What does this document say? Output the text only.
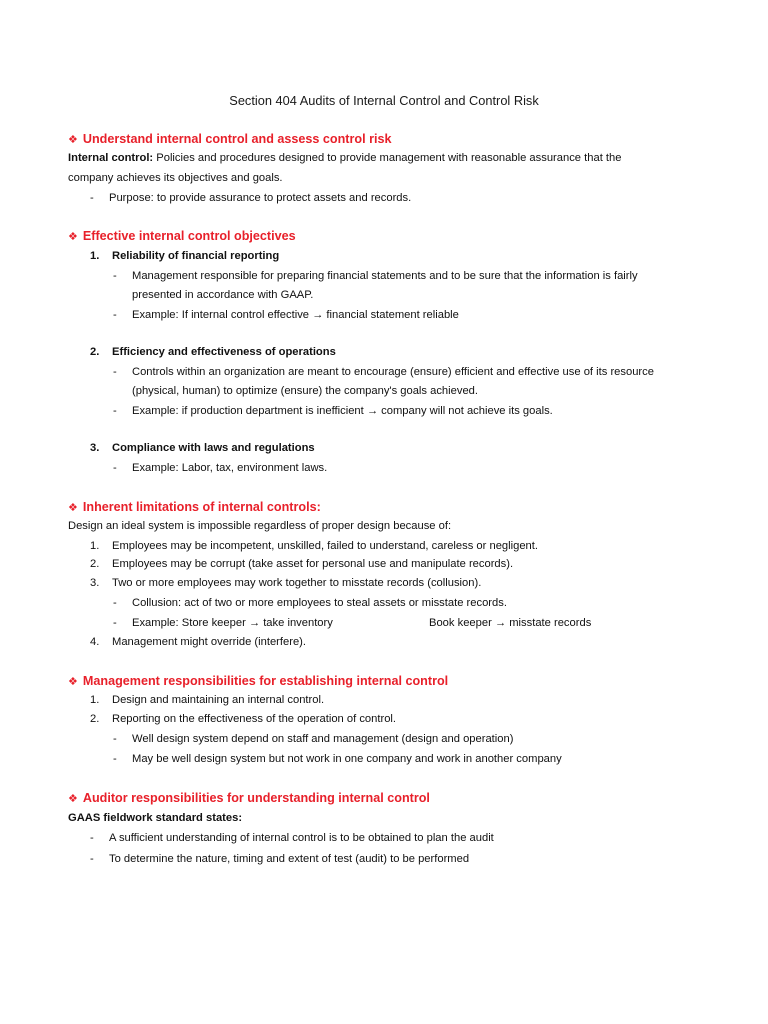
Section 404 Audits of Internal Control and Control Risk
❖ Understand internal control and assess control risk
Internal control: Policies and procedures designed to provide management with reasonable assurance that the
company achieves its objectives and goals.
- Purpose: to provide assurance to protect assets and records.
❖ Effective internal control objectives
1. Reliability of financial reporting
- Management responsible for preparing financial statements and to be sure that the information is fairly
presented in accordance with GAAP.
- Example: If internal control effective → financial statement reliable
2. Efficiency and effectiveness of operations
- Controls within an organization are meant to encourage (ensure) efficient and effective use of its resource
(physical, human) to optimize (ensure) the company's goals achieved.
- Example: if production department is inefficient → company will not achieve its goals.
3. Compliance with laws and regulations
- Example: Labor, tax, environment laws.
❖ Inherent limitations of internal controls:
Design an ideal system is impossible regardless of proper design because of:
1. Employees may be incompetent, unskilled, failed to understand, careless or negligent.
2. Employees may be corrupt (take asset for personal use and manipulate records).
3. Two or more employees may work together to misstate records (collusion).
- Collusion: act of two or more employees to steal assets or misstate records.
- Example: Store keeper → take inventory	Book keeper → misstate records
4. Management might override (interfere).
❖ Management responsibilities for establishing internal control
1. Design and maintaining an internal control.
2. Reporting on the effectiveness of the operation of control.
- Well design system depend on staff and management (design and operation)
- May be well design system but not work in one company and work in another company
❖ Auditor responsibilities for understanding internal control
GAAS fieldwork standard states:
- A sufficient understanding of internal control is to be obtained to plan the audit
- To determine the nature, timing and extent of test (audit) to be performed
